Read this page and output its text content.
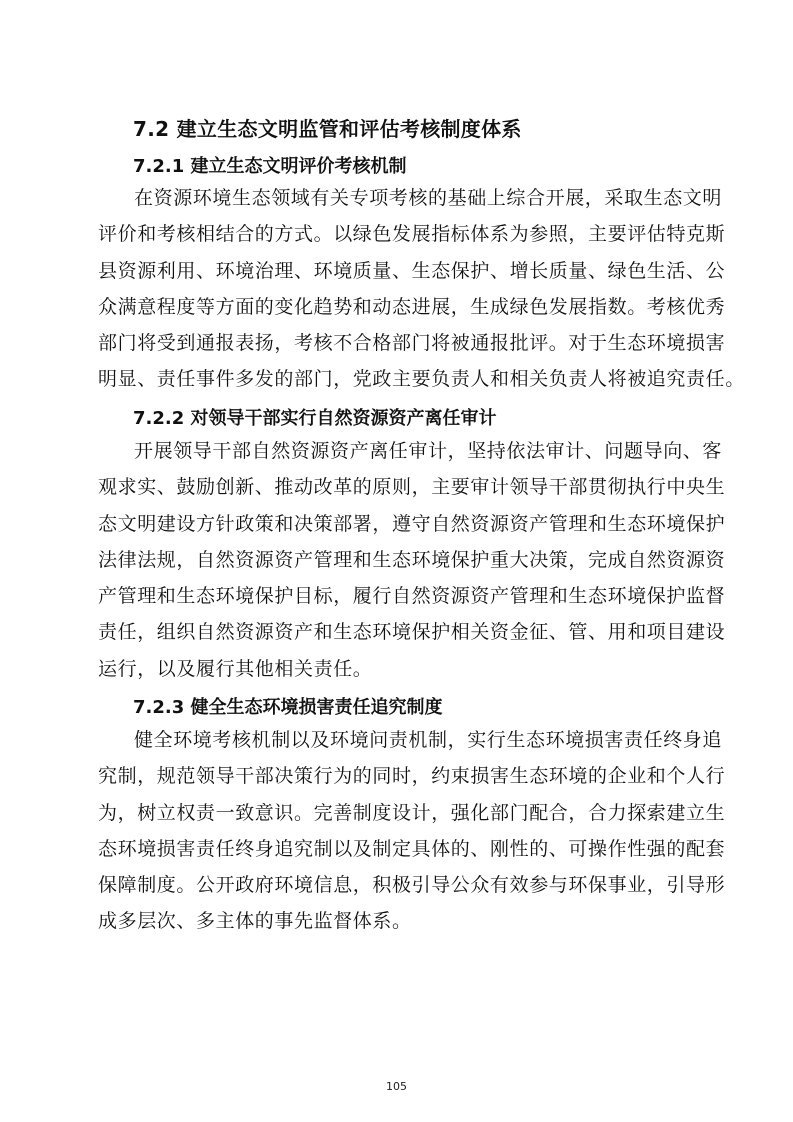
7.2 建立生态文明监管和评估考核制度体系
7.2.1 建立生态文明评价考核机制
在资源环境生态领域有关专项考核的基础上综合开展，采取生态文明
评价和考核相结合的方式。以绿色发展指标体系为参照，主要评估特克斯
县资源利用、环境治理、环境质量、生态保护、增长质量、绿色生活、公
众满意程度等方面的变化趋势和动态进展，生成绿色发展指数。考核优秀
部门将受到通报表扬，考核不合格部门将被通报批评。对于生态环境损害
明显、责任事件多发的部门，党政主要负责人和相关负责人将被追究责任。
7.2.2 对领导干部实行自然资源资产离任审计
开展领导干部自然资源资产离任审计，坚持依法审计、问题导向、客
观求实、鼓励创新、推动改革的原则，主要审计领导干部贯彻执行中央生
态文明建设方针政策和决策部署，遵守自然资源资产管理和生态环境保护
法律法规，自然资源资产管理和生态环境保护重大决策，完成自然资源资
产管理和生态环境保护目标，履行自然资源资产管理和生态环境保护监督
责任，组织自然资源资产和生态环境保护相关资金征、管、用和项目建设
运行，以及履行其他相关责任。
7.2.3 健全生态环境损害责任追究制度
健全环境考核机制以及环境问责机制，实行生态环境损害责任终身追
究制，规范领导干部决策行为的同时，约束损害生态环境的企业和个人行
为，树立权责一致意识。完善制度设计，强化部门配合，合力探索建立生
态环境损害责任终身追究制以及制定具体的、刚性的、可操作性强的配套
保障制度。公开政府环境信息，积极引导公众有效参与环保事业，引导形
成多层次、多主体的事先监督体系。
105
